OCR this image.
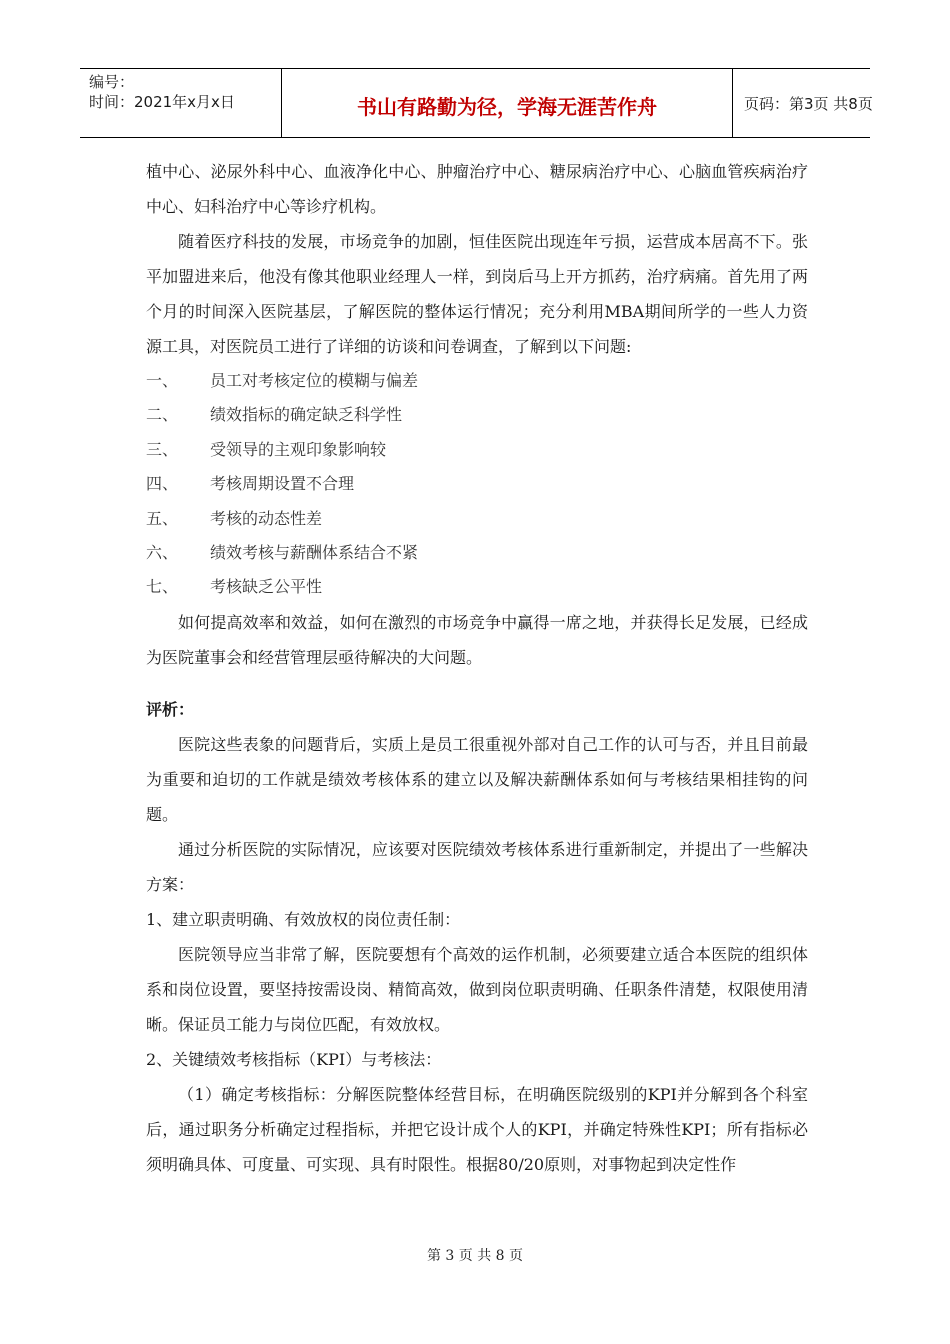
编号：
时间：2021年x月x日	书山有路勤为径，学海无涯苦作舟	页码：第3页 共8页

植中心、泌尿外科中心、血液净化中心、肿瘤治疗中心、糖尿病治疗中心、心脑血管疾病治疗中心、妇科治疗中心等诊疗机构。

随着医疗科技的发展，市场竞争的加剧，恒佳医院出现连年亏损，运营成本居高不下。张平加盟进来后，他没有像其他职业经理人一样，到岗后马上开方抓药，治疗病痛。首先用了两个月的时间深入医院基层，了解医院的整体运行情况；充分利用MBA期间所学的一些人力资源工具，对医院员工进行了详细的访谈和问卷调查，了解到以下问题:

一、	员工对考核定位的模糊与偏差
二、	绩效指标的确定缺乏科学性
三、	受领导的主观印象影响较
四、	考核周期设置不合理
五、	考核的动态性差
六、	绩效考核与薪酬体系结合不紧
七、	考核缺乏公平性

如何提高效率和效益，如何在激烈的市场竞争中赢得一席之地，并获得长足发展，已经成为医院董事会和经营管理层亟待解决的大问题。

评析：

医院这些表象的问题背后，实质上是员工很重视外部对自己工作的认可与否，并且目前最为重要和迫切的工作就是绩效考核体系的建立以及解决薪酬体系如何与考核结果相挂钩的问题。

通过分析医院的实际情况，应该要对医院绩效考核体系进行重新制定，并提出了一些解决方案：

1、建立职责明确、有效放权的岗位责任制：

医院领导应当非常了解，医院要想有个高效的运作机制，必须要建立适合本医院的组织体系和岗位设置，要坚持按需设岗、精简高效，做到岗位职责明确、任职条件清楚，权限使用清晰。保证员工能力与岗位匹配，有效放权。

2、关键绩效考核指标（KPI）与考核法：

（1）确定考核指标：分解医院整体经营目标，在明确医院级别的KPI并分解到各个科室后，通过职务分析确定过程指标，并把它设计成个人的KPI，并确定特殊性KPI；所有指标必须明确具体、可度量、可实现、具有时限性。根据80/20原则，对事物起到决定性作

第 3 页 共 8 页
